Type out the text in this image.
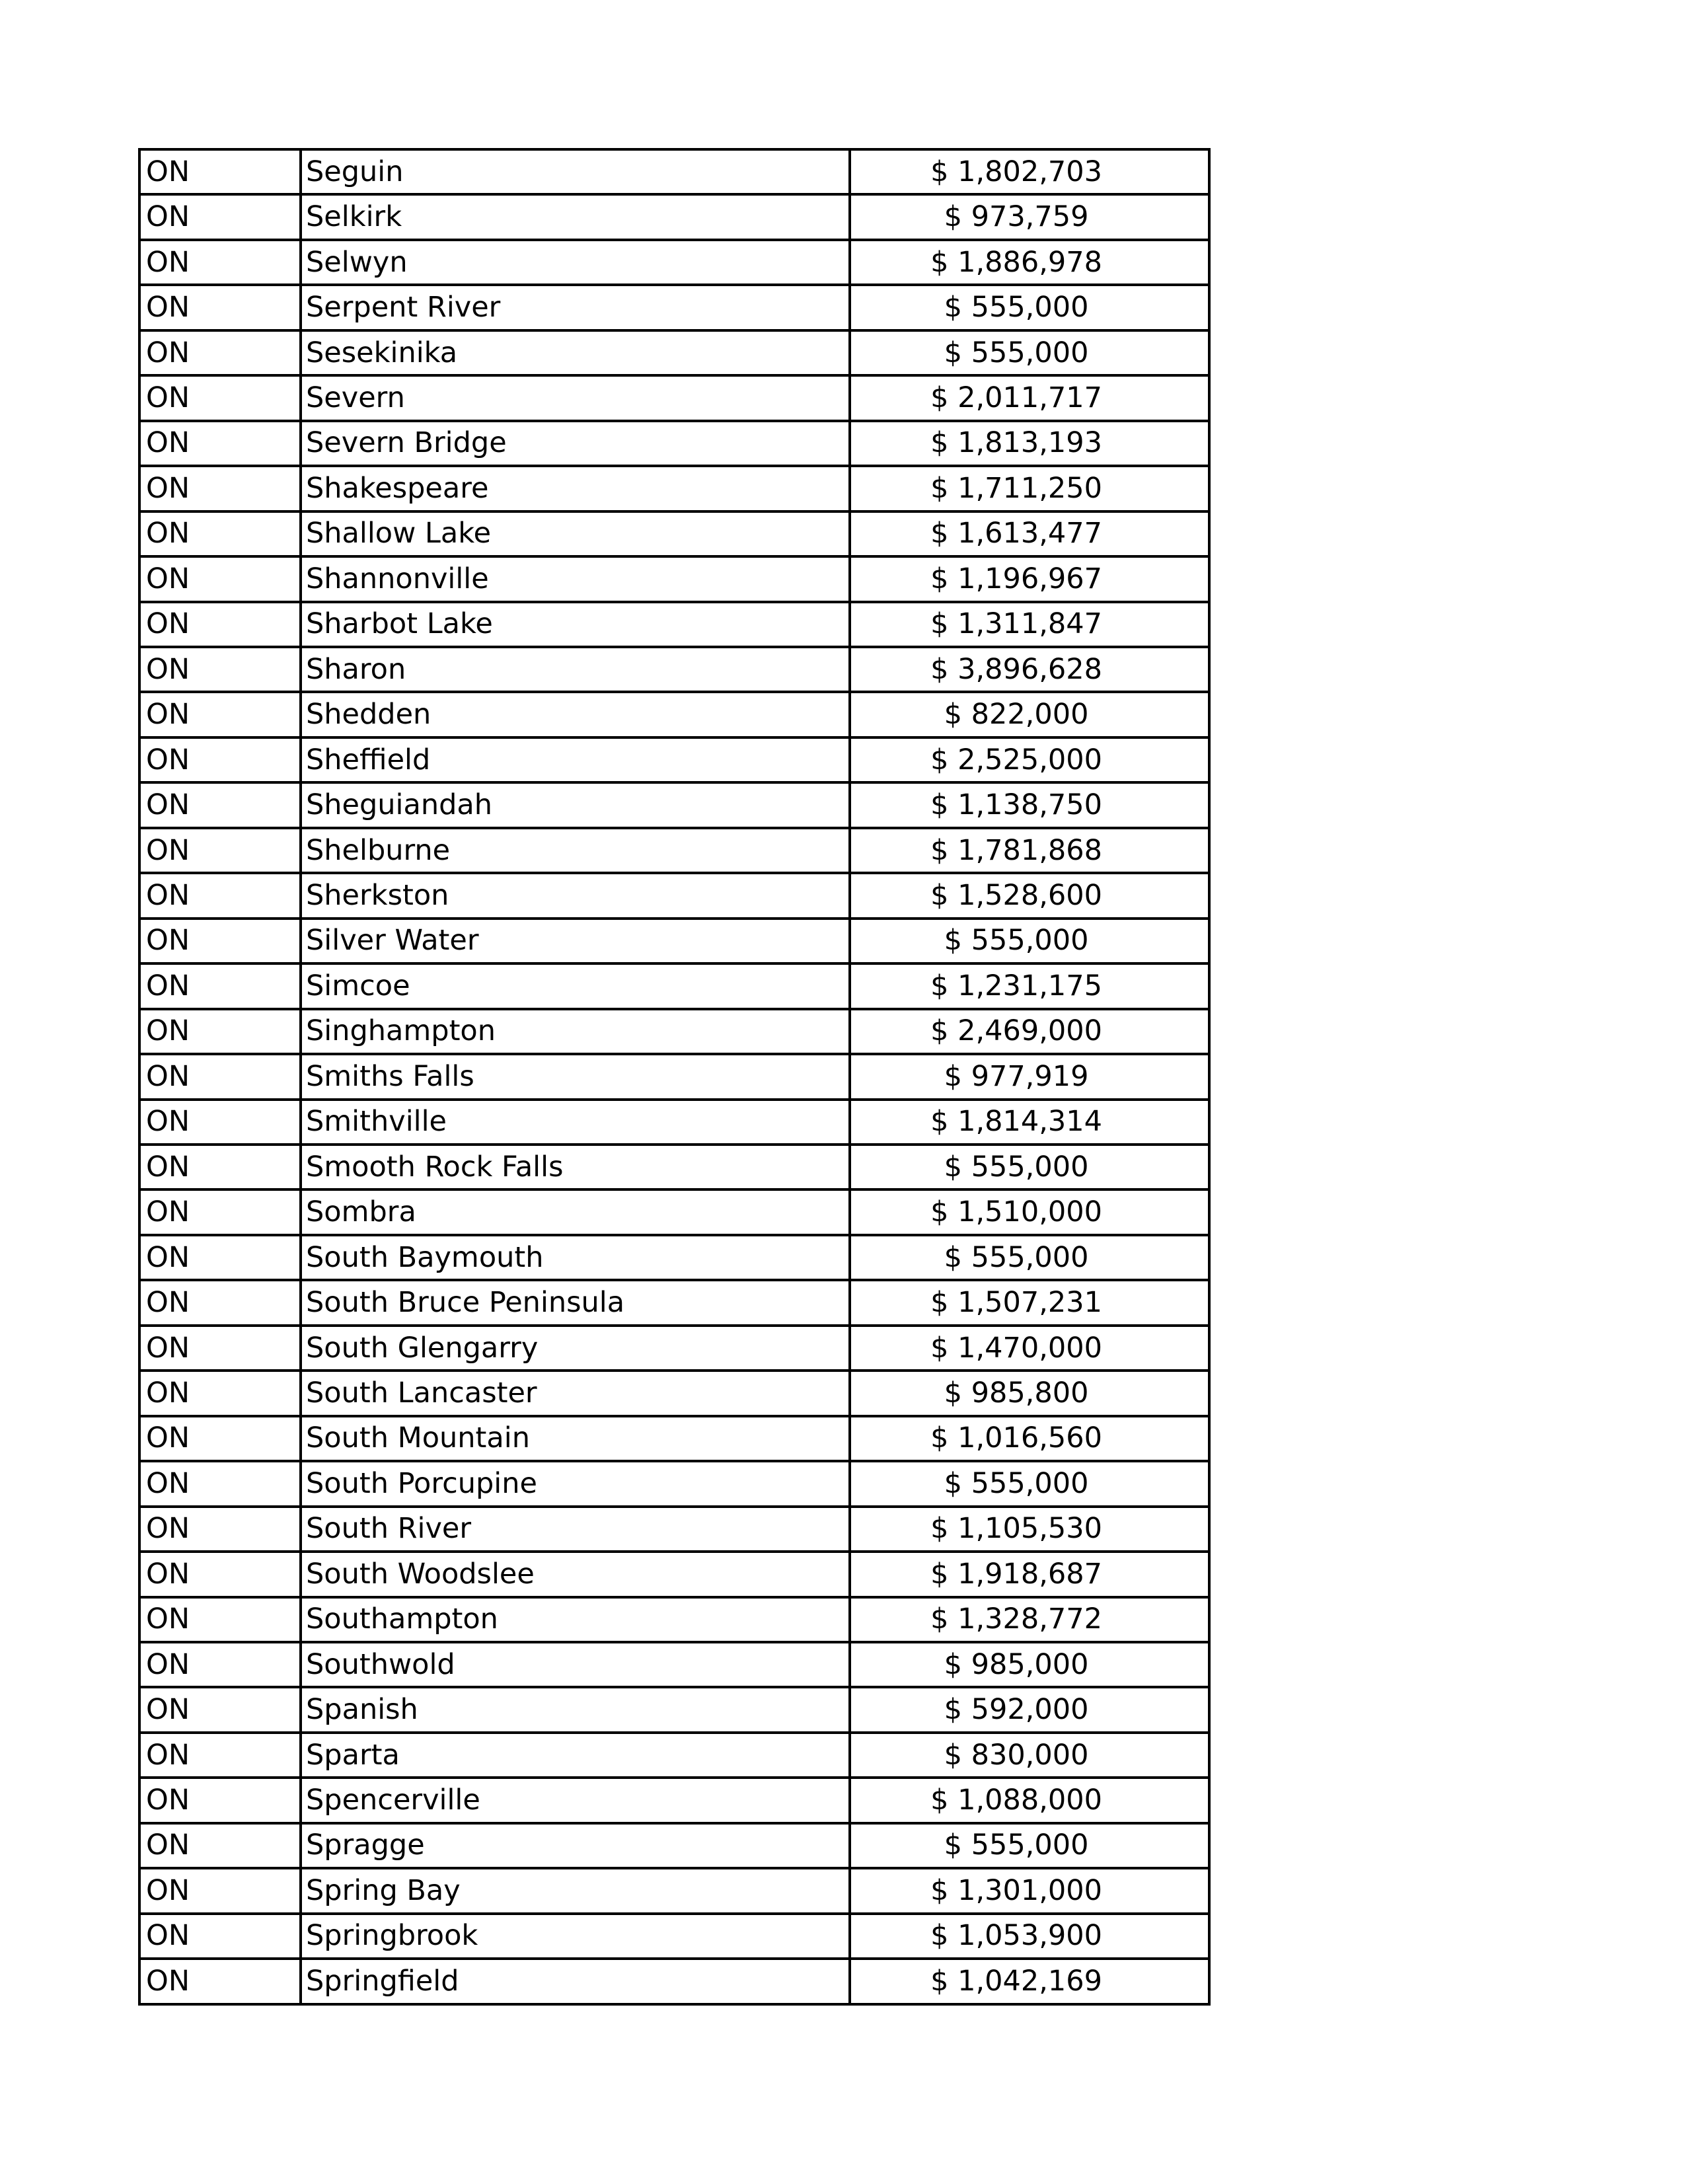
ON	Seguin	$ 1,802,703
ON	Selkirk	$ 973,759
ON	Selwyn	$ 1,886,978
ON	Serpent River	$ 555,000
ON	Sesekinika	$ 555,000
ON	Severn	$ 2,011,717
ON	Severn Bridge	$ 1,813,193
ON	Shakespeare	$ 1,711,250
ON	Shallow Lake	$ 1,613,477
ON	Shannonville	$ 1,196,967
ON	Sharbot Lake	$ 1,311,847
ON	Sharon	$ 3,896,628
ON	Shedden	$ 822,000
ON	Sheffield	$ 2,525,000
ON	Sheguiandah	$ 1,138,750
ON	Shelburne	$ 1,781,868
ON	Sherkston	$ 1,528,600
ON	Silver Water	$ 555,000
ON	Simcoe	$ 1,231,175
ON	Singhampton	$ 2,469,000
ON	Smiths Falls	$ 977,919
ON	Smithville	$ 1,814,314
ON	Smooth Rock Falls	$ 555,000
ON	Sombra	$ 1,510,000
ON	South Baymouth	$ 555,000
ON	South Bruce Peninsula	$ 1,507,231
ON	South Glengarry	$ 1,470,000
ON	South Lancaster	$ 985,800
ON	South Mountain	$ 1,016,560
ON	South Porcupine	$ 555,000
ON	South River	$ 1,105,530
ON	South Woodslee	$ 1,918,687
ON	Southampton	$ 1,328,772
ON	Southwold	$ 985,000
ON	Spanish	$ 592,000
ON	Sparta	$ 830,000
ON	Spencerville	$ 1,088,000
ON	Spragge	$ 555,000
ON	Spring Bay	$ 1,301,000
ON	Springbrook	$ 1,053,900
ON	Springfield	$ 1,042,169
